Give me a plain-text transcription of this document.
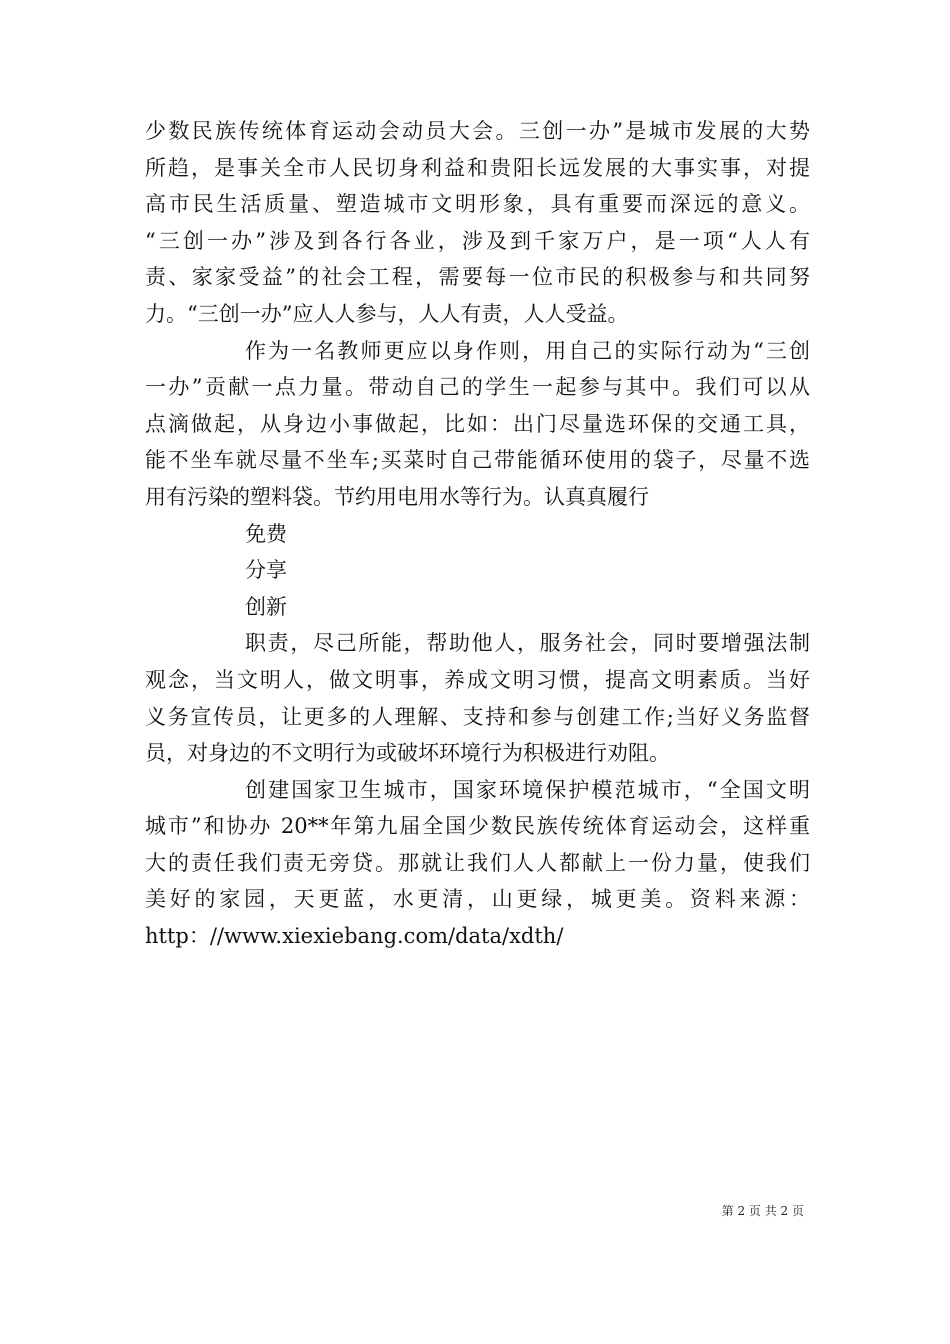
少数民族传统体育运动会动员大会。三创一办”是城市发展的大势
所趋，是事关全市人民切身利益和贵阳长远发展的大事实事，对提
高市民生活质量、塑造城市文明形象，具有重要而深远的意义。
“三创一办”涉及到各行各业，涉及到千家万户，是一项“人人有
责、家家受益”的社会工程，需要每一位市民的积极参与和共同努
力。“三创一办”应人人参与，人人有责，人人受益。
作为一名教师更应以身作则，用自己的实际行动为“三创
一办”贡献一点力量。带动自己的学生一起参与其中。我们可以从
点滴做起，从身边小事做起，比如：出门尽量选环保的交通工具，
能不坐车就尽量不坐车;买菜时自己带能循环使用的袋子，尽量不选
用有污染的塑料袋。节约用电用水等行为。认真真履行
免费
分享
创新
职责，尽己所能，帮助他人，服务社会，同时要增强法制
观念，当文明人，做文明事，养成文明习惯，提高文明素质。当好
义务宣传员，让更多的人理解、支持和参与创建工作;当好义务监督
员，对身边的不文明行为或破坏环境行为积极进行劝阻。
创建国家卫生城市，国家环境保护模范城市，“全国文明
城市”和协办 20**年第九届全国少数民族传统体育运动会，这样重
大的责任我们责无旁贷。那就让我们人人都献上一份力量，使我们
美好的家园，天更蓝，水更清，山更绿，城更美。资料来源：
http：//www.xiexiebang.com/data/xdth/
第 2 页 共 2 页
